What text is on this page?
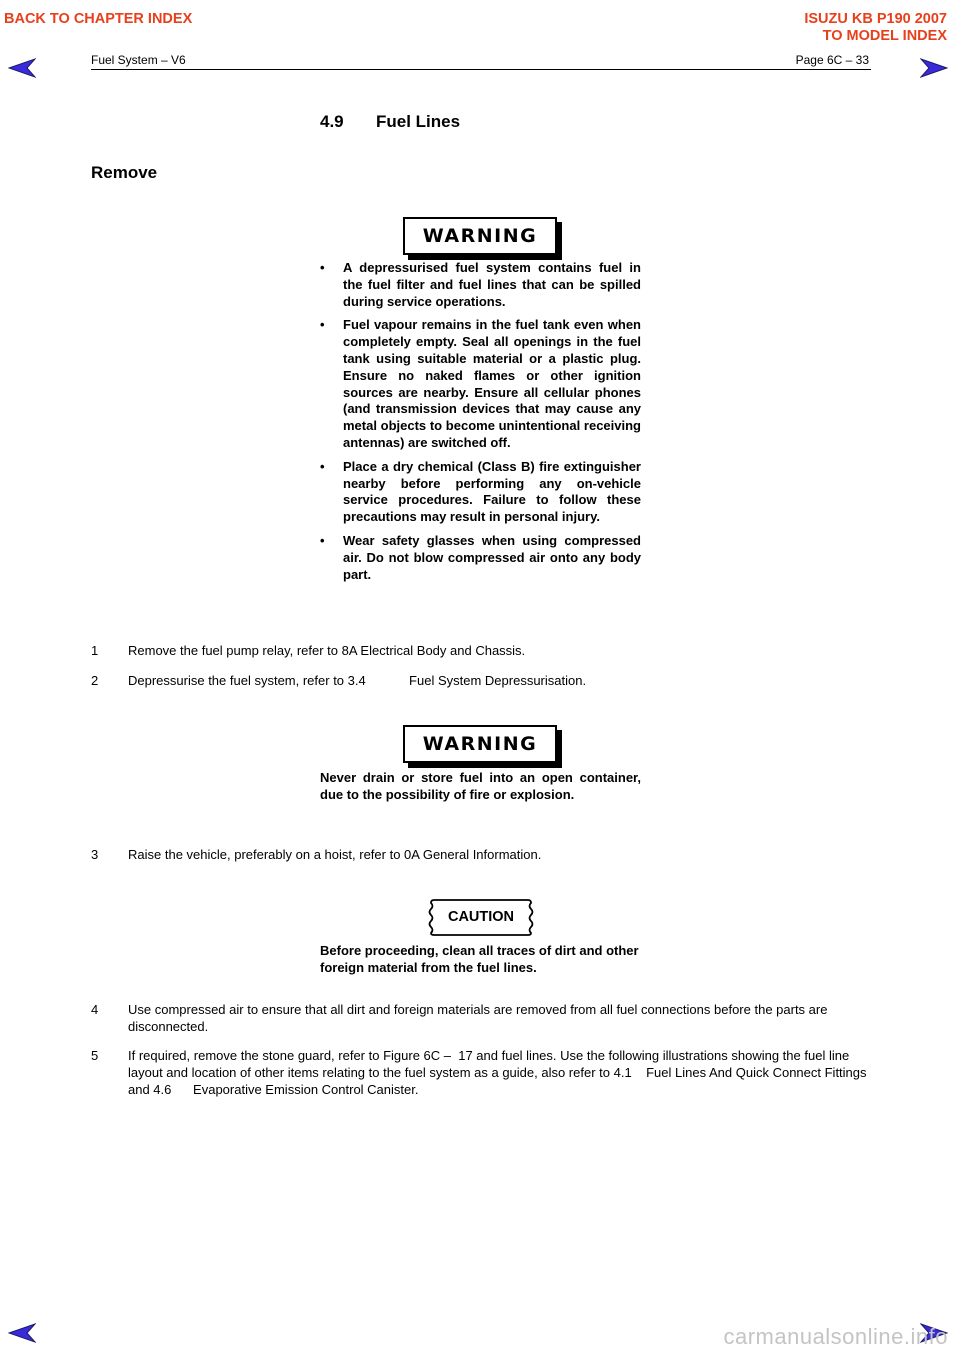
BACK TO CHAPTER INDEX	ISUZU KB P190 2007
TO MODEL INDEX
Fuel System – V6	Page 6C – 33
4.9 Fuel Lines
Remove
WARNING
• A depressurised fuel system contains fuel in the fuel filter and fuel lines that can be spilled during service operations.
• Fuel vapour remains in the fuel tank even when completely empty. Seal all openings in the fuel tank using suitable material or a plastic plug. Ensure no naked flames or other ignition sources are nearby. Ensure all cellular phones (and transmission devices that may cause any metal objects to become unintentional receiving antennas) are switched off.
• Place a dry chemical (Class B) fire extinguisher nearby before performing any on-vehicle service procedures. Failure to follow these precautions may result in personal injury.
• Wear safety glasses when using compressed air. Do not blow compressed air onto any body part.
1 Remove the fuel pump relay, refer to 8A Electrical Body and Chassis.
2 Depressurise the fuel system, refer to 3.4            Fuel System Depressurisation.
WARNING
Never drain or store fuel into an open container, due to the possibility of fire or explosion.
3 Raise the vehicle, preferably on a hoist, refer to 0A General Information.
CAUTION
Before proceeding, clean all traces of dirt and other foreign material from the fuel lines.
4 Use compressed air to ensure that all dirt and foreign materials are removed from all fuel connections before the parts are disconnected.
5 If required, remove the stone guard, refer to Figure 6C –  17 and fuel lines. Use the following illustrations showing the fuel line layout and location of other items relating to the fuel system as a guide, also refer to 4.1    Fuel Lines And Quick Connect Fittings and 4.6      Evaporative Emission Control Canister.
carmanualsonline.info
